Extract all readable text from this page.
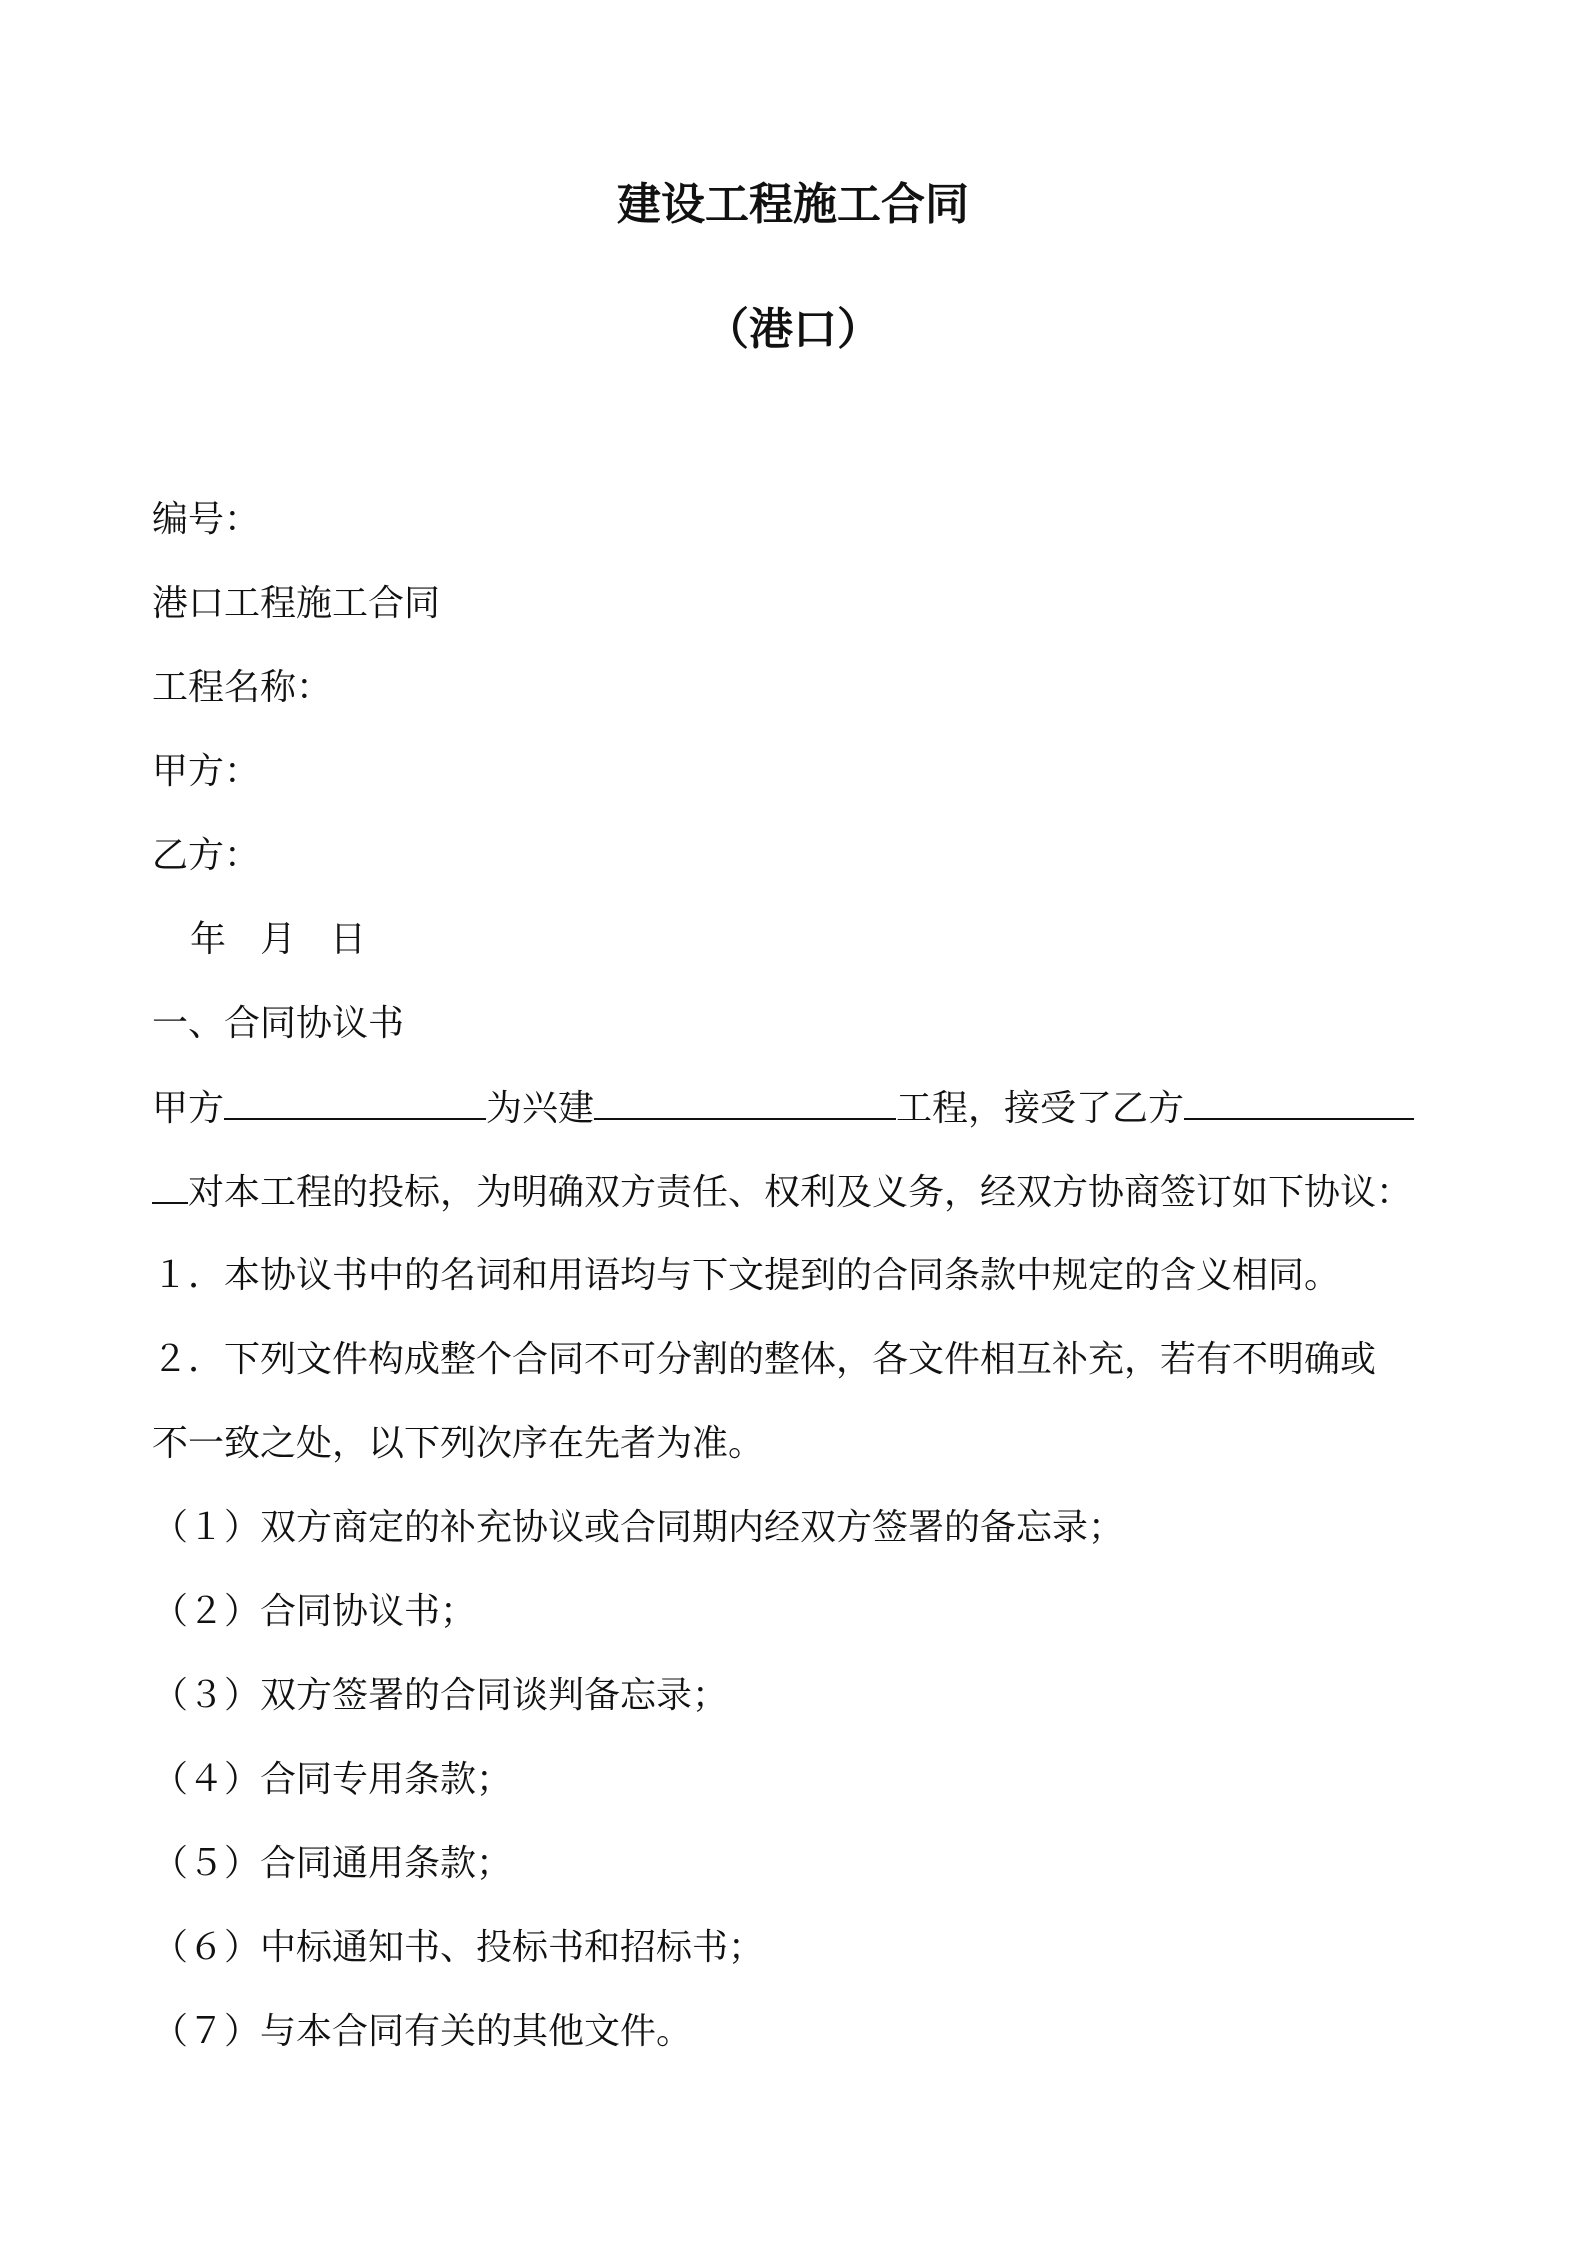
建设工程施工合同
（港口）
编号：
港口工程施工合同
工程名称：
甲方：
乙方：
年 月 日
一、合同协议书
甲方	为兴建	工程，接受了乙方
对本工程的投标，为明确双方责任、权利及义务，经双方协商签订如下协议：
１．本协议书中的名词和用语均与下文提到的合同条款中规定的含义相同。
２．下列文件构成整个合同不可分割的整体，各文件相互补充，若有不明确或
不一致之处，以下列次序在先者为准。
（１）双方商定的补充协议或合同期内经双方签署的备忘录；
（２）合同协议书；
（３）双方签署的合同谈判备忘录；
（４）合同专用条款；
（５）合同通用条款；
（６）中标通知书、投标书和招标书；
（７）与本合同有关的其他文件。
